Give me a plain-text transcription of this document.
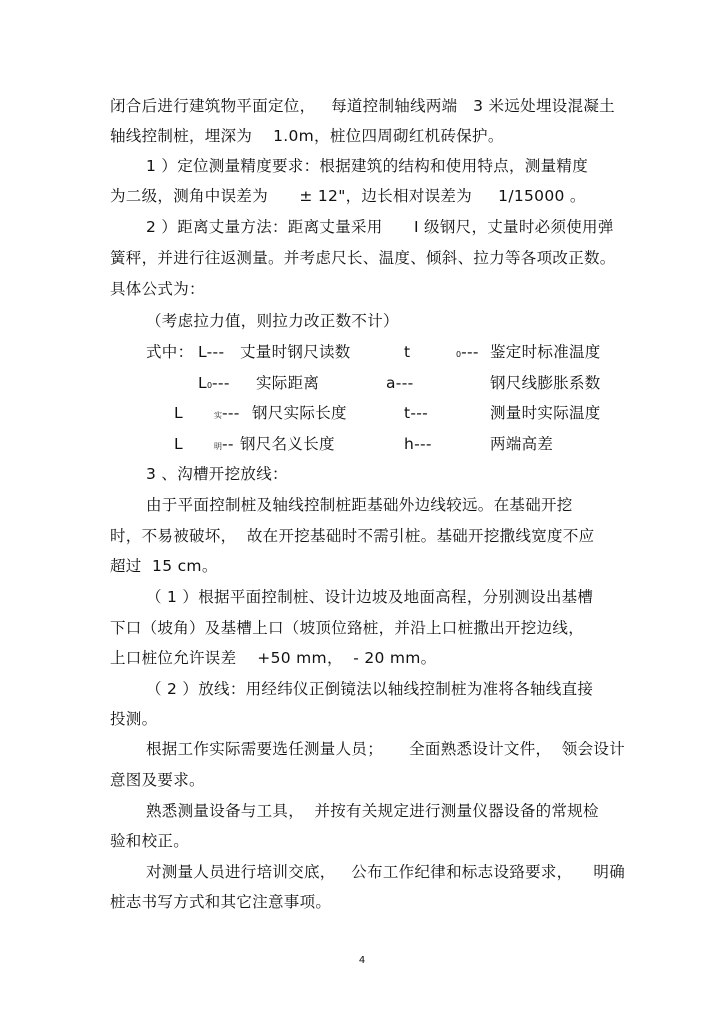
闭合后进行建筑物平面定位，   每道控制轴线两端   3 米远处埋设混凝土
轴线控制桩，埋深为    1.0m，桩位四周砌红机砖保护。
1 ）定位测量精度要求：根据建筑的结构和使用特点，测量精度
为二级，测角中误差为      ± 12"，边长相对误差为     1/15000 。
2 ）距离丈量方法：距离丈量采用      Ⅰ 级钢尺，丈量时必须使用弹
簧秤，并进行往返测量。并考虑尺长、温度、倾斜、拉力等各项改正数。
具体公式为：
（考虑拉力值，则拉力改正数不计）
式中： L--- 丈量时钢尺读数	t	0--- 鉴定时标准温度
L0--- 实际距离	a---	钢尺线膨胀系数
L	实--- 钢尺实际长度	t---	测量时实际温度
L	明-- 钢尺名义长度	h---	两端高差
3 、沟槽开挖放线：
由于平面控制桩及轴线控制桩距基础外边线较远。在基础开挖
时，不易被破坏，  故在开挖基础时不需引桩。基础开挖撒线宽度不应
超过  15 cm。
（ 1 ）根据平面控制桩、设计边坡及地面高程，分别测设出基槽
下口（坡角）及基槽上口（坡顶位臵桩，并沿上口桩撒出开挖边线，
上口桩位允许误差    +50 mm，  - 20 mm。
（ 2 ）放线：用经纬仪正倒镜法以轴线控制桩为准将各轴线直接
投测。
根据工作实际需要选任测量人员；     全面熟悉设计文件，  领会设计
意图及要求。
熟悉测量设备与工具，  并按有关规定进行测量仪器设备的常规检
验和校正。
对测量人员进行培训交底，   公布工作纪律和标志设臵要求，    明确
桩志书写方式和其它注意事项。
4
